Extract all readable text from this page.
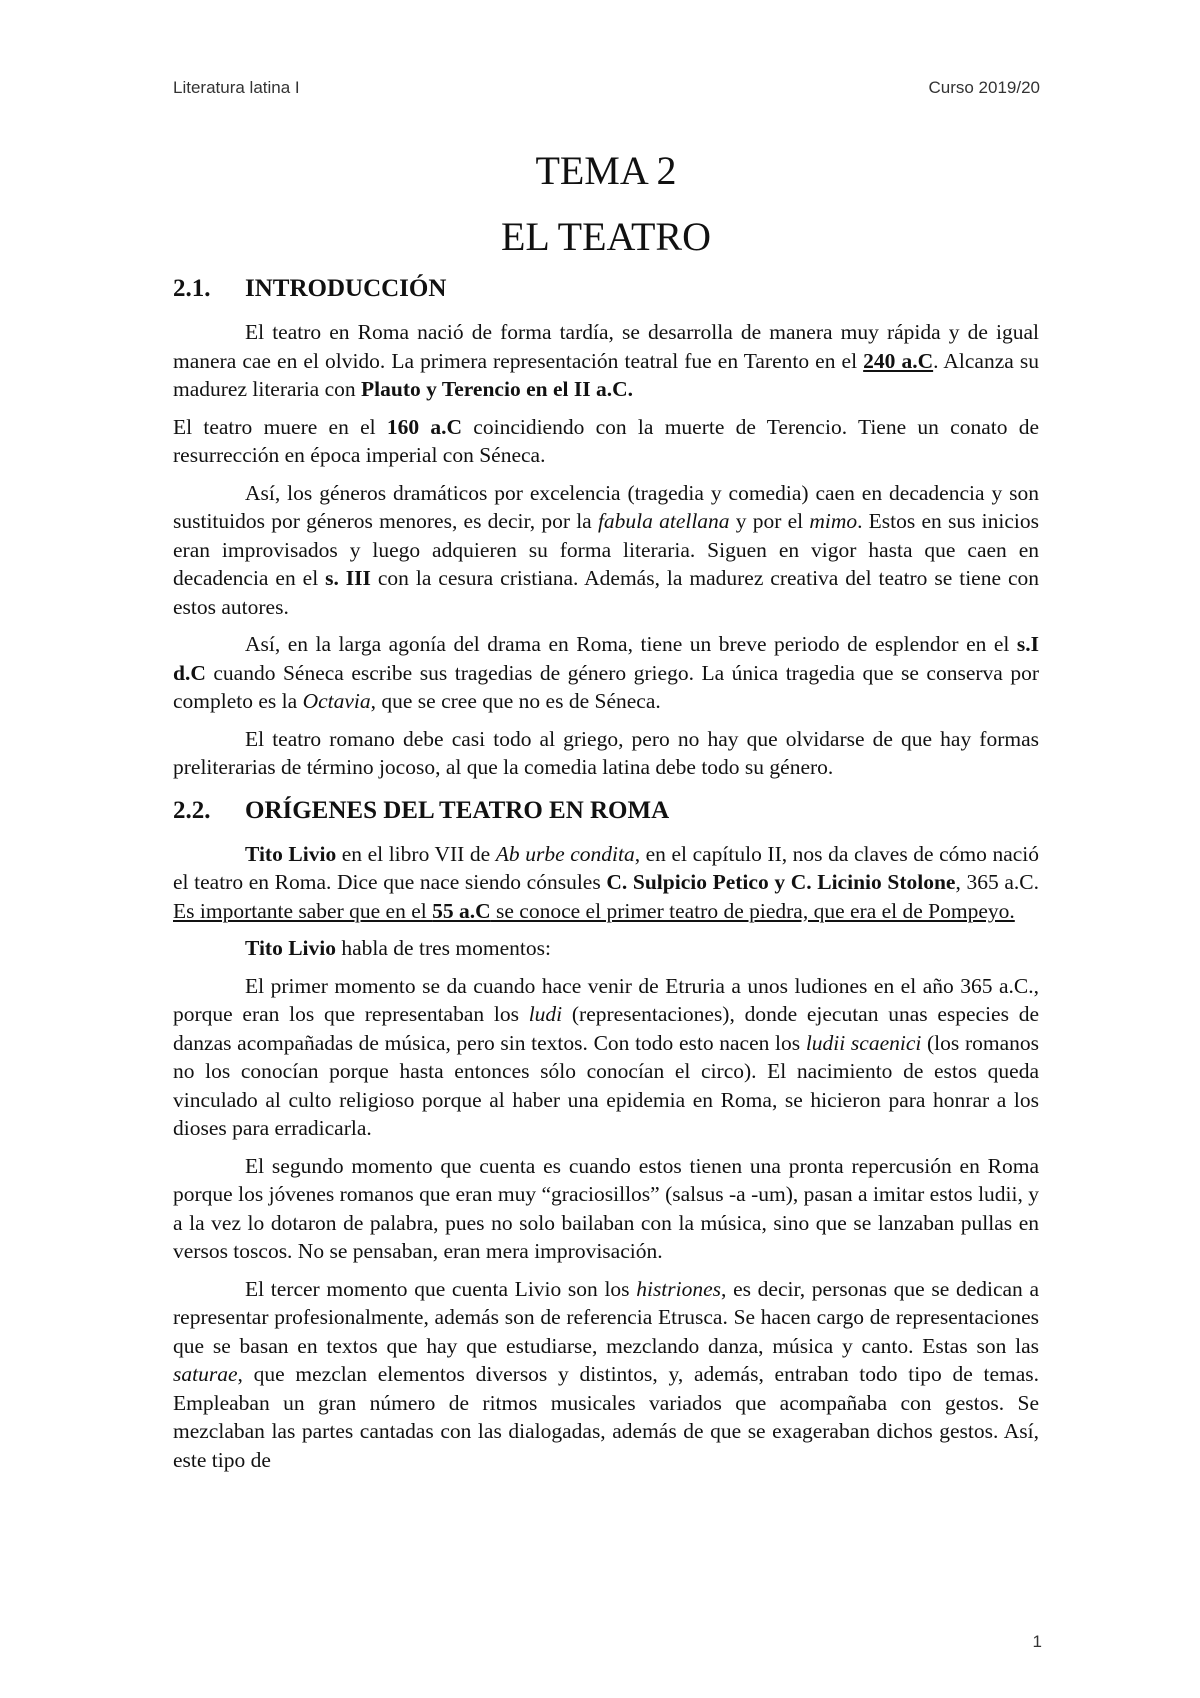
Literatura latina I	Curso 2019/20
TEMA 2
EL TEATRO
2.1. INTRODUCCIÓN

El teatro en Roma nació de forma tardía, se desarrolla de manera muy rápida y de igual manera cae en el olvido. La primera representación teatral fue en Tarento en el 240 a.C. Alcanza su madurez literaria con Plauto y Terencio en el II a.C.

El teatro muere en el 160 a.C coincidiendo con la muerte de Terencio. Tiene un conato de resurrección en época imperial con Séneca.

Así, los géneros dramáticos por excelencia (tragedia y comedia) caen en decadencia y son sustituidos por géneros menores, es decir, por la fabula atellana y por el mimo. Estos en sus inicios eran improvisados y luego adquieren su forma literaria. Siguen en vigor hasta que caen en decadencia en el s. III con la cesura cristiana. Además, la madurez creativa del teatro se tiene con estos autores.

Así, en la larga agonía del drama en Roma, tiene un breve periodo de esplendor en el s.I d.C cuando Séneca escribe sus tragedias de género griego. La única tragedia que se conserva por completo es la Octavia, que se cree que no es de Séneca.

El teatro romano debe casi todo al griego, pero no hay que olvidarse de que hay formas preliterarias de término jocoso, al que la comedia latina debe todo su género.

2.2. ORÍGENES DEL TEATRO EN ROMA

Tito Livio en el libro VII de Ab urbe condita, en el capítulo II, nos da claves de cómo nació el teatro en Roma. Dice que nace siendo cónsules C. Sulpicio Petico y C. Licinio Stolone, 365 a.C. Es importante saber que en el 55 a.C se conoce el primer teatro de piedra, que era el de Pompeyo.

Tito Livio habla de tres momentos:

El primer momento se da cuando hace venir de Etruria a unos ludiones en el año 365 a.C., porque eran los que representaban los ludi (representaciones), donde ejecutan unas especies de danzas acompañadas de música, pero sin textos. Con todo esto nacen los ludii scaenici (los romanos no los conocían porque hasta entonces sólo conocían el circo). El nacimiento de estos queda vinculado al culto religioso porque al haber una epidemia en Roma, se hicieron para honrar a los dioses para erradicarla.

El segundo momento que cuenta es cuando estos tienen una pronta repercusión en Roma porque los jóvenes romanos que eran muy “graciosillos” (salsus -a -um), pasan a imitar estos ludii, y a la vez lo dotaron de palabra, pues no solo bailaban con la música, sino que se lanzaban pullas en versos toscos. No se pensaban, eran mera improvisación.

El tercer momento que cuenta Livio son los histriones, es decir, personas que se dedican a representar profesionalmente, además son de referencia Etrusca. Se hacen cargo de representaciones que se basan en textos que hay que estudiarse, mezclando danza, música y canto. Estas son las saturae, que mezclan elementos diversos y distintos, y, además, entraban todo tipo de temas. Empleaban un gran número de ritmos musicales variados que acompañaba con gestos. Se mezclaban las partes cantadas con las dialogadas, además de que se exageraban dichos gestos. Así, este tipo de

1
